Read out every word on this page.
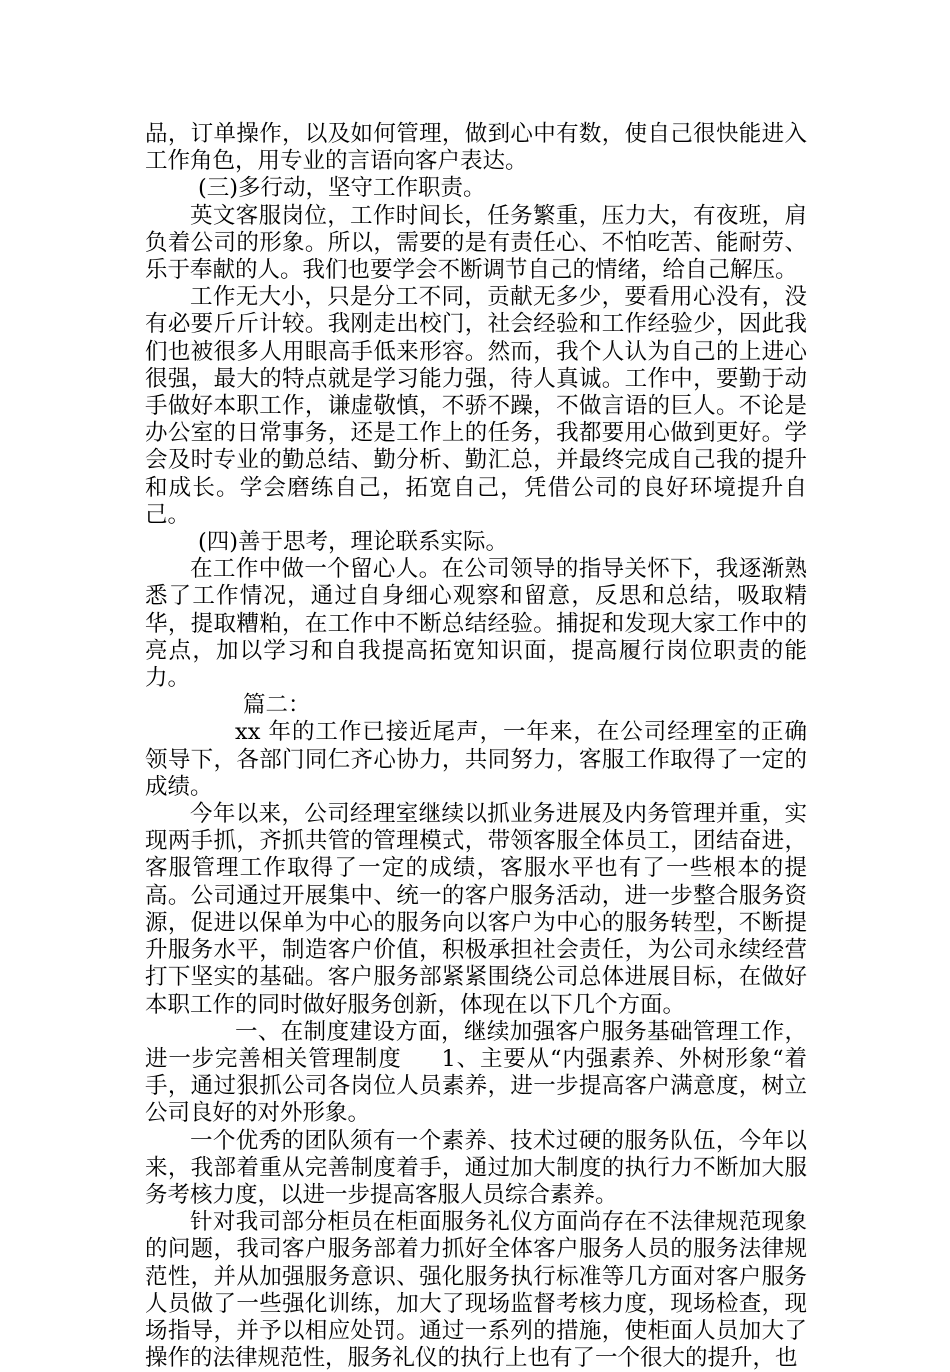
品，订单操作，以及如何管理，做到心中有数，使自己很快能进入工作角色，用专业的言语向客户表达。

(三)多行动，坚守工作职责。

英文客服岗位，工作时间长，任务繁重，压力大，有夜班，肩负着公司的形象。所以，需要的是有责任心、不怕吃苦、能耐劳、乐于奉献的人。我们也要学会不断调节自己的情绪，给自己解压。

工作无大小，只是分工不同，贡献无多少，要看用心没有，没有必要斤斤计较。我刚走出校门，社会经验和工作经验少，因此我们也被很多人用眼高手低来形容。然而，我个人认为自己的上进心很强，最大的特点就是学习能力强，待人真诚。工作中，要勤于动手做好本职工作，谦虚敬慎，不骄不躁，不做言语的巨人。不论是办公室的日常事务，还是工作上的任务，我都要用心做到更好。学会及时专业的勤总结、勤分析、勤汇总，并最终完成自己我的提升和成长。学会磨练自己，拓宽自己，凭借公司的良好环境提升自己。

(四)善于思考，理论联系实际。

在工作中做一个留心人。在公司领导的指导关怀下，我逐渐熟悉了工作情况，通过自身细心观察和留意，反思和总结，吸取精华，提取糟粕，在工作中不断总结经验。捕捉和发现大家工作中的亮点，加以学习和自我提高拓宽知识面，提高履行岗位职责的能力。

篇二：

xx 年的工作已接近尾声，一年来，在公司经理室的正确领导下，各部门同仁齐心协力，共同努力，客服工作取得了一定的成绩。

今年以来，公司经理室继续以抓业务进展及内务管理并重，实现两手抓，齐抓共管的管理模式，带领客服全体员工，团结奋进，客服管理工作取得了一定的成绩，客服水平也有了一些根本的提高。公司通过开展集中、统一的客户服务活动，进一步整合服务资源，促进以保单为中心的服务向以客户为中心的服务转型，不断提升服务水平，制造客户价值，积极承担社会责任，为公司永续经营打下坚实的基础。客户服务部紧紧围绕公司总体进展目标，在做好本职工作的同时做好服务创新，体现在以下几个方面。

一、在制度建设方面，继续加强客户服务基础管理工作，进一步完善相关管理制度 1、主要从“内强素养、外树形象“着手，通过狠抓公司各岗位人员素养，进一步提高客户满意度，树立公司良好的对外形象。

一个优秀的团队须有一个素养、技术过硬的服务队伍，今年以来，我部着重从完善制度着手，通过加大制度的执行力不断加大服务考核力度，以进一步提高客服人员综合素养。

针对我司部分柜员在柜面服务礼仪方面尚存在不法律规范现象的问题，我司客户服务部着力抓好全体客户服务人员的服务法律规范性，并从加强服务意识、强化服务执行标准等几方面对客户服务人员做了一些强化训练，加大了现场监督考核力度，现场检查，现场指导，并予以相应处罚。通过一系列的措施，使柜面人员加大了操作的法律规范性，服务礼仪的执行上也有了一个很大的提升，也
